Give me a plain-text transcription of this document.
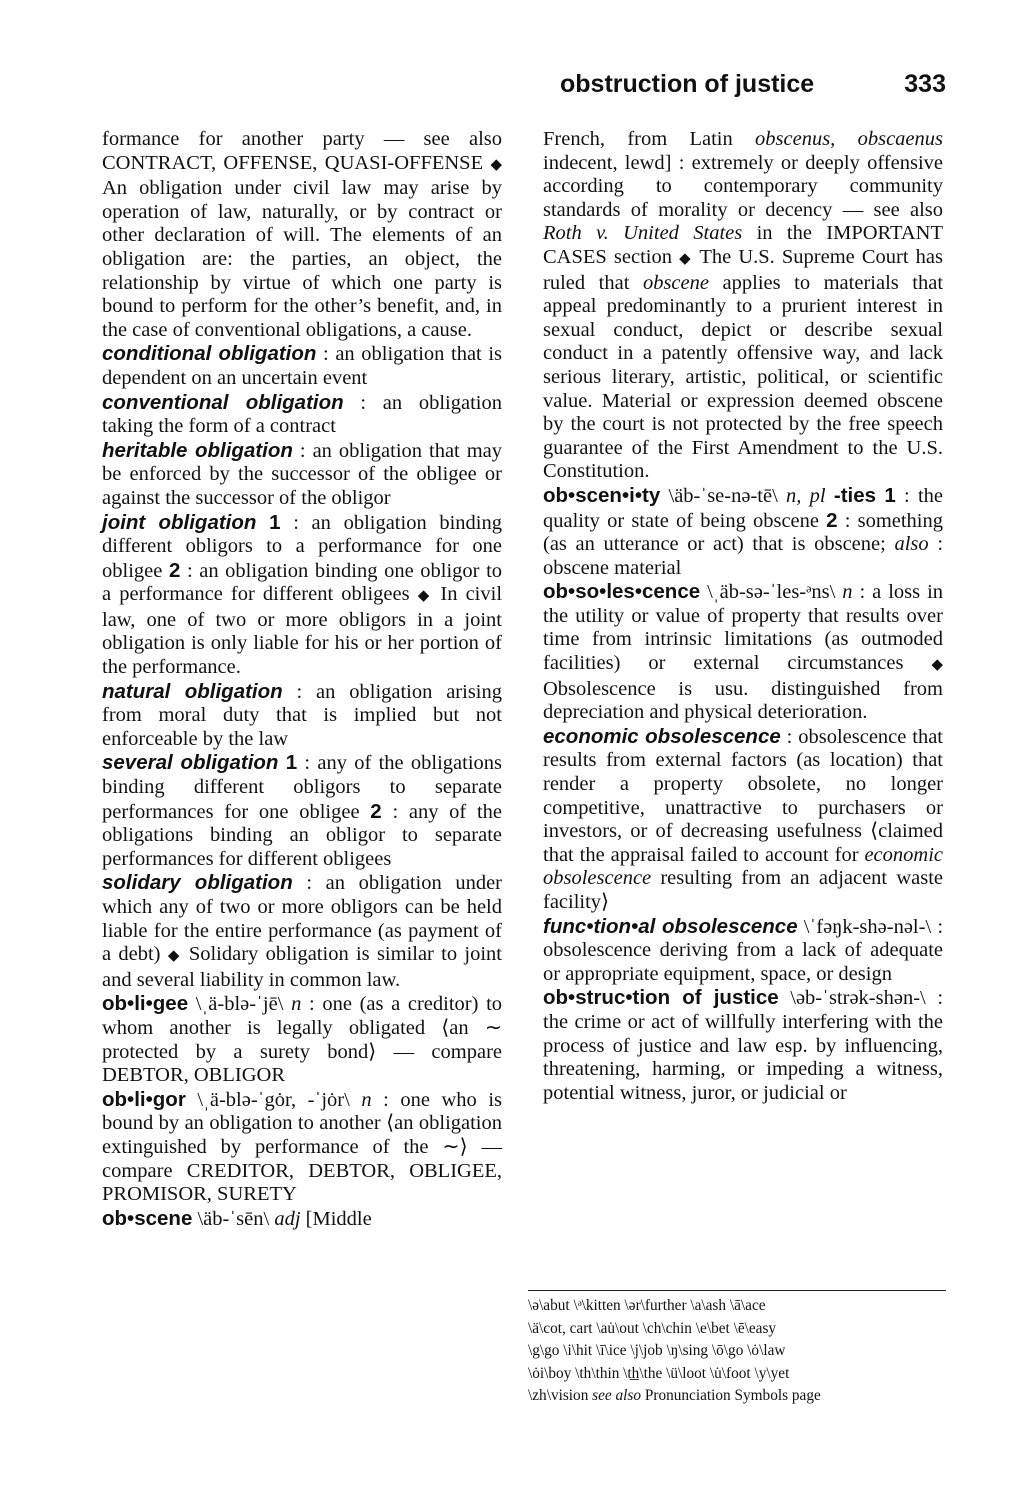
obstruction of justice	333

formance for another party — see also CONTRACT, OFFENSE, QUASI-OFFENSE ◆ An obligation under civil law may arise by operation of law, naturally, or by contract or other declaration of will. The elements of an obligation are: the parties, an object, the relationship by virtue of which one party is bound to perform for the other’s benefit, and, in the case of conventional obligations, a cause.

conditional obligation : an obligation that is dependent on an uncertain event

conventional obligation : an obligation taking the form of a contract

heritable obligation : an obligation that may be enforced by the successor of the obligee or against the successor of the obligor

joint obligation 1 : an obligation binding different obligors to a performance for one obligee 2 : an obligation binding one obligor to a performance for different obligees ◆ In civil law, one of two or more obligors in a joint obligation is only liable for his or her portion of the performance.

natural obligation : an obligation arising from moral duty that is implied but not enforceable by the law

several obligation 1 : any of the obligations binding different obligors to separate performances for one obligee 2 : any of the obligations binding an obligor to separate performances for different obligees

solidary obligation : an obligation under which any of two or more obligors can be held liable for the entire performance (as payment of a debt) ◆ Solidary obligation is similar to joint and several liability in common law.

ob•li•gee \ˌä-blə-ˈjē\ n : one (as a creditor) to whom another is legally obligated ⟨an ∼ protected by a surety bond⟩ — compare DEBTOR, OBLIGOR

ob•li•gor \ˌä-blə-ˈgȯr, -ˈjȯr\ n : one who is bound by an obligation to another ⟨an obligation extinguished by performance of the ∼⟩ — compare CREDITOR, DEBTOR, OBLIGEE, PROMISOR, SURETY

ob•scene \äb-ˈsēn\ adj [Middle

French, from Latin obscenus, obscaenus indecent, lewd] : extremely or deeply offensive according to contemporary community standards of morality or decency — see also Roth v. United States in the IMPORTANT CASES section ◆ The U.S. Supreme Court has ruled that obscene applies to materials that appeal predominantly to a prurient interest in sexual conduct, depict or describe sexual conduct in a patently offensive way, and lack serious literary, artistic, political, or scientific value. Material or expression deemed obscene by the court is not protected by the free speech guarantee of the First Amendment to the U.S. Constitution.

ob•scen•i•ty \äb-ˈse-nə-tē\ n, pl -ties 1 : the quality or state of being obscene 2 : something (as an utterance or act) that is obscene; also : obscene material

ob•so•les•cence \ˌäb-sə-ˈles-ᵊns\ n : a loss in the utility or value of property that results over time from intrinsic limitations (as outmoded facilities) or external circumstances ◆ Obsolescence is usu. distinguished from depreciation and physical deterioration.

economic obsolescence : obsolescence that results from external factors (as location) that render a property obsolete, no longer competitive, unattractive to purchasers or investors, or of decreasing usefulness ⟨claimed that the appraisal failed to account for economic obsolescence resulting from an adjacent waste facility⟩

func•tion•al obsolescence \ˈfəŋk-shə-nəl-\ : obsolescence deriving from a lack of adequate or appropriate equipment, space, or design

ob•struc•tion of justice \əb-ˈstrək-shən-\ : the crime or act of willfully interfering with the process of justice and law esp. by influencing, threatening, harming, or impeding a witness, potential witness, juror, or judicial or

\ə\abut \ᵊ\kitten \ər\further \a\ash \ā\ace
\ä\cot, cart \au̇\out \ch\chin \e\bet \ē\easy
\g\go \i\hit \ī\ice \j\job \ŋ\sing \ō\go \ȯ\law
\ȯi\boy \th\thin \t͟h\the \ü\loot \u̇\foot \y\yet
\zh\vision see also Pronunciation Symbols page
